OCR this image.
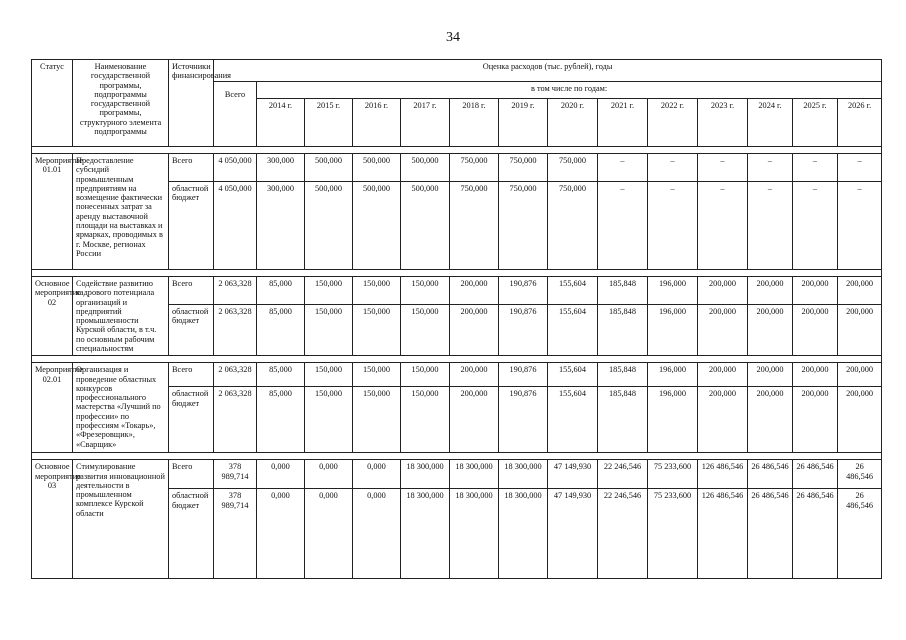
34
Статус	Наименование государственной программы, подпрограммы государственной программы, структурного элемента подпрограммы	Источники финансирования	Оценка расходов (тыс. рублей), годы													
			Всего	в том числе по годам:												
				2014 г.	2015 г.	2016 г.	2017 г.	2018 г.	2019 г.	2020 г.	2021 г.	2022 г.	2023 г.	2024 г.	2025 г.	2026 г.

Мероприятие 01.01	Предоставление субсидий промышленным предприятиям на возмещение фактически понесенных затрат за аренду выставочной площади на выставках и ярмарках, проводимых в г. Москве, регионах России	Всего	4 050,000	300,000	500,000	500,000	500,000	750,000	750,000	750,000	–	–	–	–	–	–
		областной бюджет	4 050,000	300,000	500,000	500,000	500,000	750,000	750,000	750,000	–	–	–	–	–	–

Основное мероприятие 02	Содействие развитию кадрового потенциала организаций и предприятий промышленности Курской области, в т.ч. по основным рабочим специальностям	Всего	2 063,328	85,000	150,000	150,000	150,000	200,000	190,876	155,604	185,848	196,000	200,000	200,000	200,000	200,000
		областной бюджет	2 063,328	85,000	150,000	150,000	150,000	200,000	190,876	155,604	185,848	196,000	200,000	200,000	200,000	200,000

Мероприятие 02.01	Организация и проведение областных конкурсов профессионального мастерства «Лучший по профессии» по профессиям «Токарь», «Фрезеровщик», «Сварщик»	Всего	2 063,328	85,000	150,000	150,000	150,000	200,000	190,876	155,604	185,848	196,000	200,000	200,000	200,000	200,000
		областной бюджет	2 063,328	85,000	150,000	150,000	150,000	200,000	190,876	155,604	185,848	196,000	200,000	200,000	200,000	200,000

Основное мероприятие 03	Стимулирование развития инновационной деятельности в промышленном комплексе Курской области	Всего	378 989,714	0,000	0,000	0,000	18 300,000	18 300,000	18 300,000	47 149,930	22 246,546	75 233,600	126 486,546	26 486,546	26 486,546	26 486,546
		областной бюджет	378 989,714	0,000	0,000	0,000	18 300,000	18 300,000	18 300,000	47 149,930	22 246,546	75 233,600	126 486,546	26 486,546	26 486,546	26 486,546
